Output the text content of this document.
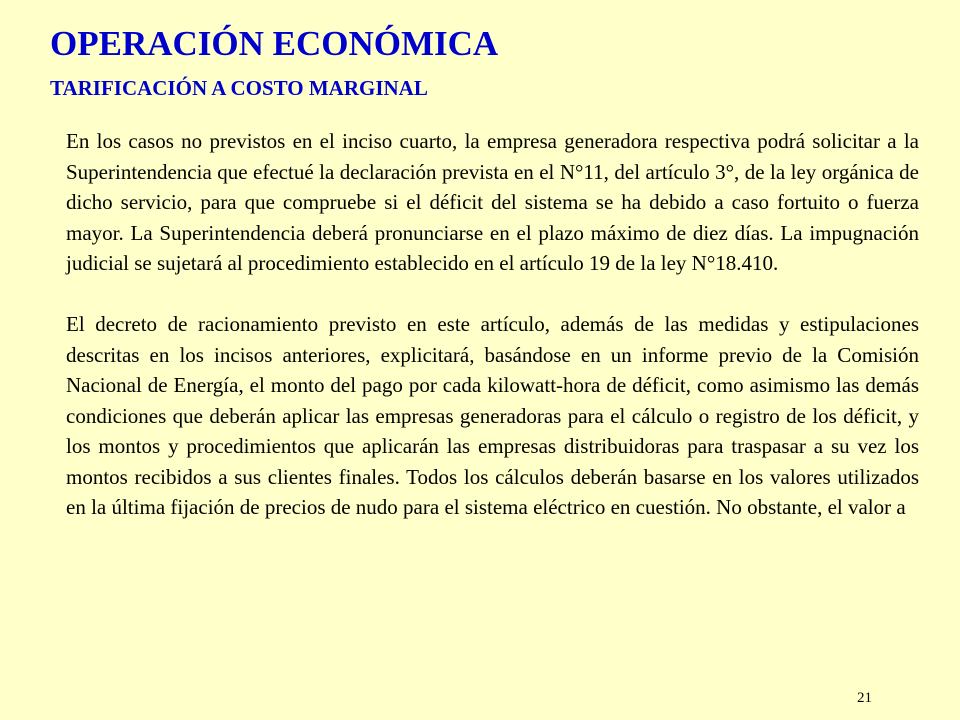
OPERACIÓN ECONÓMICA
TARIFICACIÓN A COSTO MARGINAL

En los casos no previstos en el inciso cuarto, la empresa generadora respectiva podrá solicitar a la Superintendencia que efectué la declaración prevista en el N°11, del artículo 3°, de la ley orgánica de dicho servicio, para que compruebe si el déficit del sistema se ha debido a caso fortuito o fuerza mayor. La Superintendencia deberá pronunciarse en el plazo máximo de diez días. La impugnación judicial se sujetará al procedimiento establecido en el artículo 19 de la ley N°18.410.

El decreto de racionamiento previsto en este artículo, además de las medidas y estipulaciones descritas en los incisos anteriores, explicitará, basándose en un informe previo de la Comisión Nacional de Energía, el monto del pago por cada kilowatt-hora de déficit, como asimismo las demás condiciones que deberán aplicar las empresas generadoras para el cálculo o registro de los déficit, y los montos y procedimientos que aplicarán las empresas distribuidoras para traspasar a su vez los montos recibidos a sus clientes finales. Todos los cálculos deberán basarse en los valores utilizados en la última fijación de precios de nudo para el sistema eléctrico en cuestión. No obstante, el valor a

21
